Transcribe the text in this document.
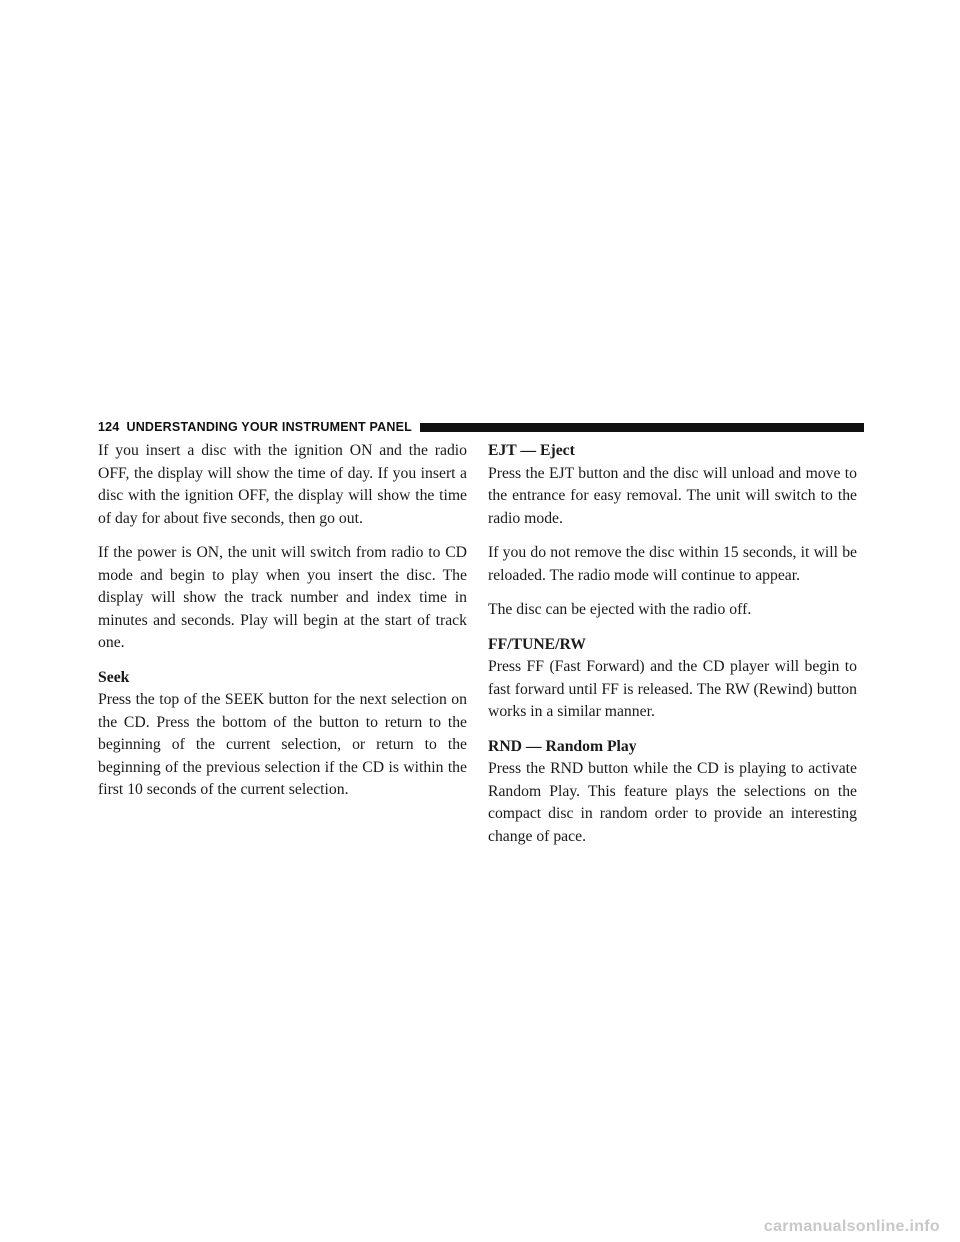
124 UNDERSTANDING YOUR INSTRUMENT PANEL

If you insert a disc with the ignition ON and the radio OFF, the display will show the time of day. If you insert a disc with the ignition OFF, the display will show the time of day for about five seconds, then go out.

If the power is ON, the unit will switch from radio to CD mode and begin to play when you insert the disc. The display will show the track number and index time in minutes and seconds. Play will begin at the start of track one.

Seek

Press the top of the SEEK button for the next selection on the CD. Press the bottom of the button to return to the beginning of the current selection, or return to the beginning of the previous selection if the CD is within the first 10 seconds of the current selection.

EJT — Eject

Press the EJT button and the disc will unload and move to the entrance for easy removal. The unit will switch to the radio mode.

If you do not remove the disc within 15 seconds, it will be reloaded. The radio mode will continue to appear.

The disc can be ejected with the radio off.

FF/TUNE/RW

Press FF (Fast Forward) and the CD player will begin to fast forward until FF is released. The RW (Rewind) button works in a similar manner.

RND — Random Play

Press the RND button while the CD is playing to activate Random Play. This feature plays the selections on the compact disc in random order to provide an interesting change of pace.

carmanualsonline.info
